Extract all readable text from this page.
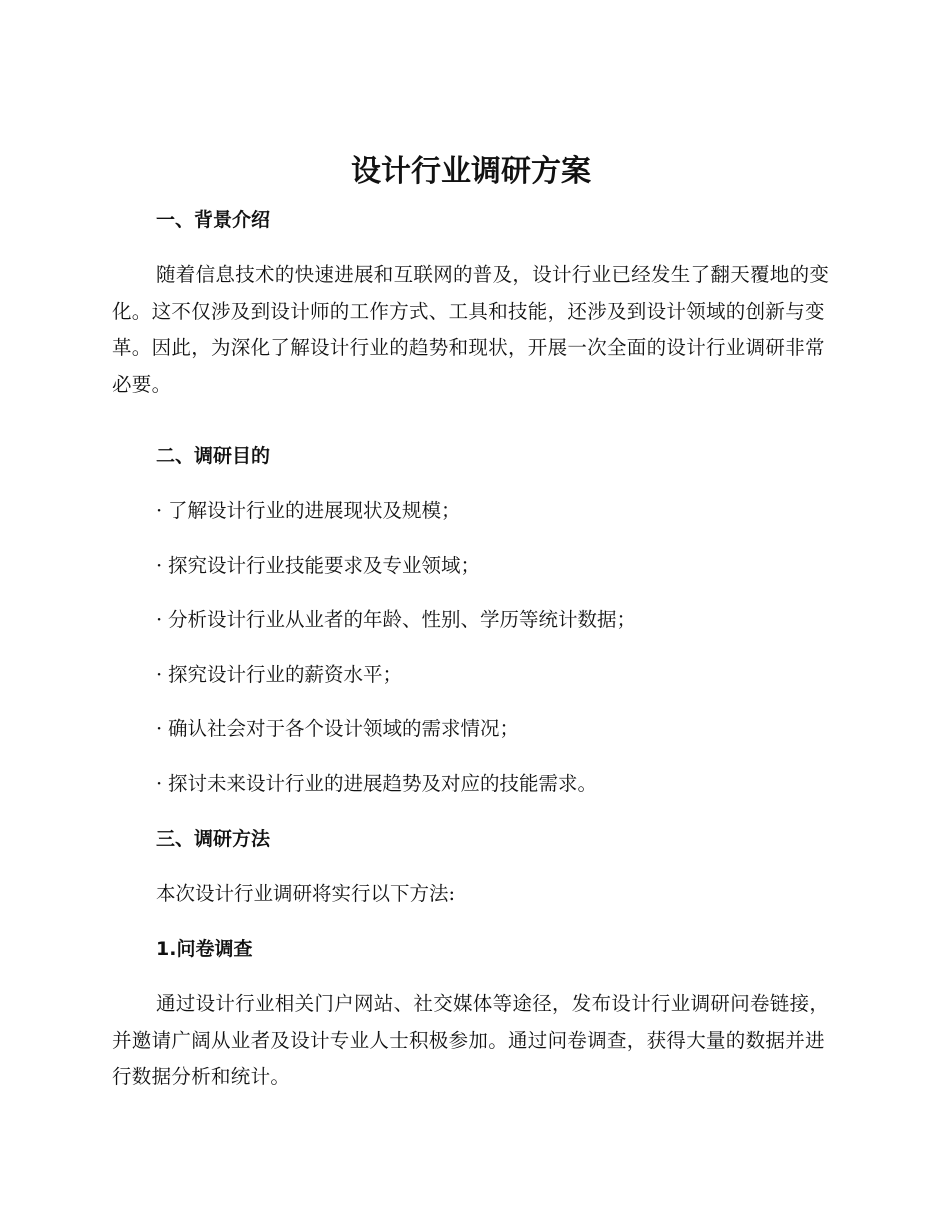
设计行业调研方案
一、背景介绍

随着信息技术的快速进展和互联网的普及，设计行业已经发生了翻天覆地的变化。这不仅涉及到设计师的工作方式、工具和技能，还涉及到设计领域的创新与变革。因此，为深化了解设计行业的趋势和现状，开展一次全面的设计行业调研非常必要。

二、调研目的

· 了解设计行业的进展现状及规模；

· 探究设计行业技能要求及专业领域；

· 分析设计行业从业者的年龄、性别、学历等统计数据；

· 探究设计行业的薪资水平；

· 确认社会对于各个设计领域的需求情况；

· 探讨未来设计行业的进展趋势及对应的技能需求。

三、调研方法

本次设计行业调研将实行以下方法:

1.问卷调查

通过设计行业相关门户网站、社交媒体等途径，发布设计行业调研问卷链接，并邀请广阔从业者及设计专业人士积极参加。通过问卷调查，获得大量的数据并进行数据分析和统计。
